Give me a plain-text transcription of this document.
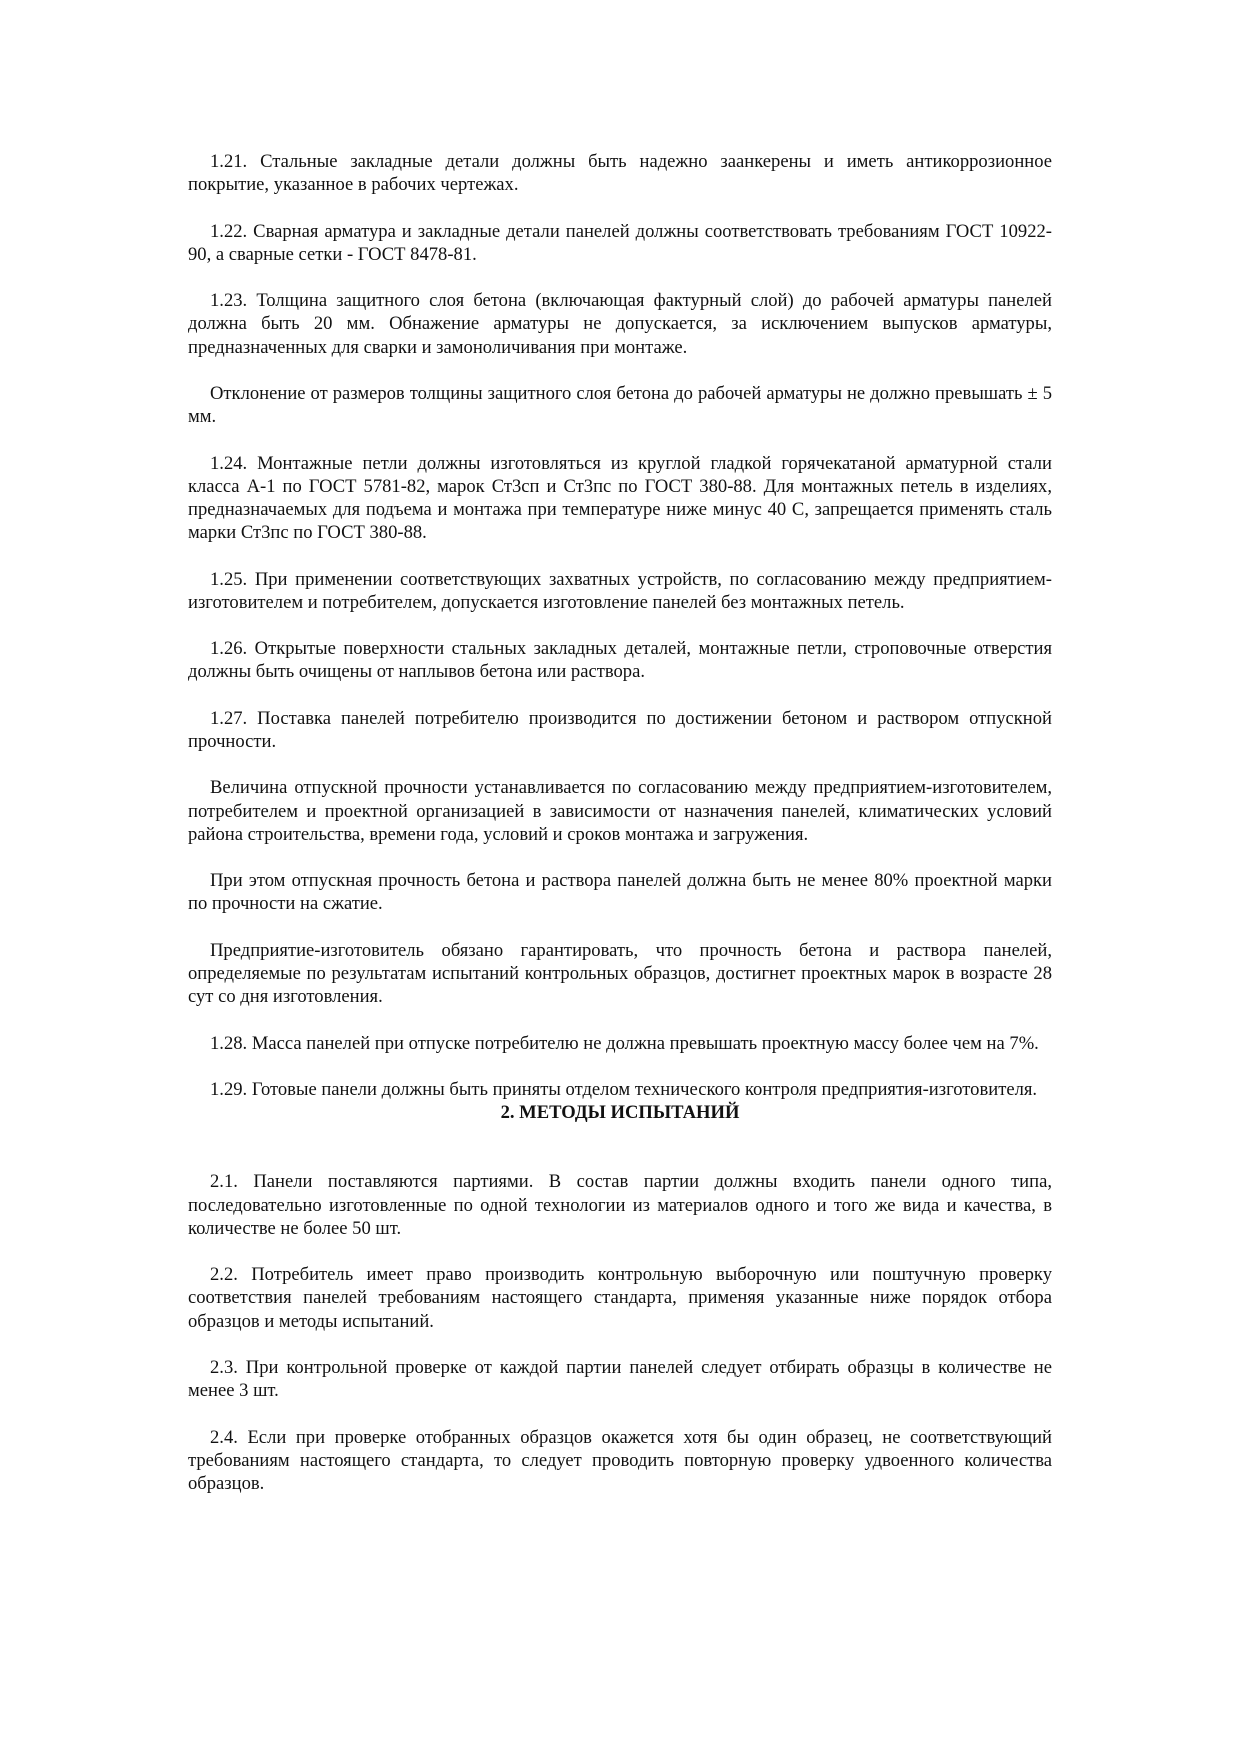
1.21. Стальные закладные детали должны быть надежно заанкерены и иметь антикоррозионное покрытие, указанное в рабочих чертежах.

1.22. Сварная арматура и закладные детали панелей должны соответствовать требованиям ГОСТ 10922-90, а сварные сетки - ГОСТ 8478-81.

1.23. Толщина защитного слоя бетона (включающая фактурный слой) до рабочей арматуры панелей должна быть 20 мм. Обнажение арматуры не допускается, за исключением выпусков арматуры, предназначенных для сварки и замоноличивания при монтаже.

Отклонение от размеров толщины защитного слоя бетона до рабочей арматуры не должно превышать ± 5 мм.

1.24. Монтажные петли должны изготовляться из круглой гладкой горячекатаной арматурной стали класса А-1 по ГОСТ 5781-82, марок Ст3сп и Ст3пс по ГОСТ 380-88. Для монтажных петель в изделиях, предназначаемых для подъема и монтажа при температуре ниже минус 40 С, запрещается применять сталь марки Ст3пс по ГОСТ 380-88.

1.25. При применении соответствующих захватных устройств, по согласованию между предприятием-изготовителем и потребителем, допускается изготовление панелей без монтажных петель.

1.26. Открытые поверхности стальных закладных деталей, монтажные петли, строповочные отверстия должны быть очищены от наплывов бетона или раствора.

1.27. Поставка панелей потребителю производится по достижении бетоном и раствором отпускной прочности.

Величина отпускной прочности устанавливается по согласованию между предприятием-изготовителем, потребителем и проектной организацией в зависимости от назначения панелей, климатических условий района строительства, времени года, условий и сроков монтажа и загружения.

При этом отпускная прочность бетона и раствора панелей должна быть не менее 80% проектной марки по прочности на сжатие.

Предприятие-изготовитель обязано гарантировать, что прочность бетона и раствора панелей, определяемые по результатам испытаний контрольных образцов, достигнет проектных марок в возрасте 28 сут со дня изготовления.

1.28. Масса панелей при отпуске потребителю не должна превышать проектную массу более чем на 7%.

1.29. Готовые панели должны быть приняты отделом технического контроля предприятия-изготовителя.

2. МЕТОДЫ ИСПЫТАНИЙ

2.1. Панели поставляются партиями. В состав партии должны входить панели одного типа, последовательно изготовленные по одной технологии из материалов одного и того же вида и качества, в количестве не более 50 шт.

2.2. Потребитель имеет право производить контрольную выборочную или поштучную проверку соответствия панелей требованиям настоящего стандарта, применяя указанные ниже порядок отбора образцов и методы испытаний.

2.3. При контрольной проверке от каждой партии панелей следует отбирать образцы в количестве не менее 3 шт.

2.4. Если при проверке отобранных образцов окажется хотя бы один образец, не соответствующий требованиям настоящего стандарта, то следует проводить повторную проверку удвоенного количества образцов.
